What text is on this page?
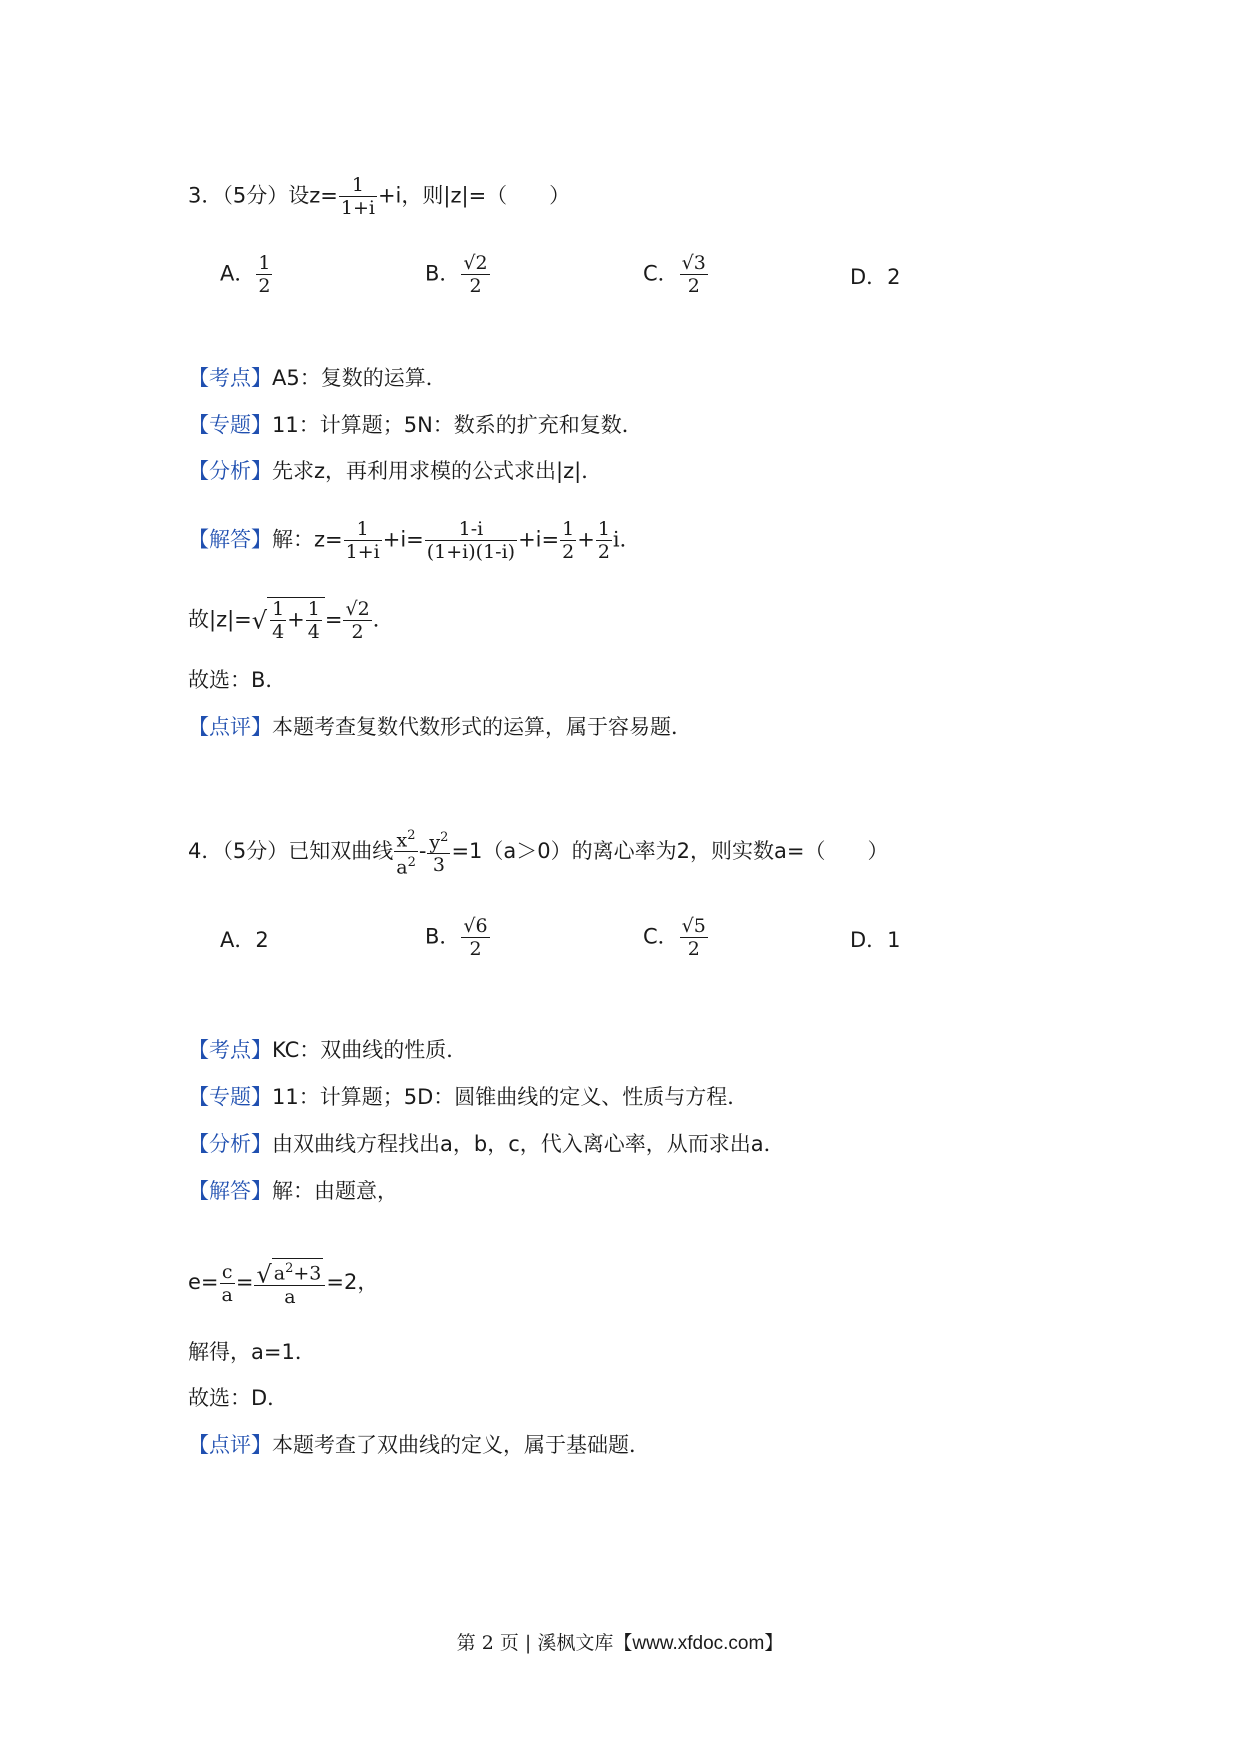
3．（5分）设$z= \frac{1}{1+i} +i$，则|z|=（　　）
A． $\frac{1}{2}$	B． $\frac{√2}{2}$	C． $\frac{√3}{2}$	D．2
【考点】A5：复数的运算．
【专题】11：计算题；5N：数系的扩充和复数．
【分析】先求z，再利用求模的公式求出|z|．
【解答】解：$z= \frac{1}{1+i} +i= \frac{1-i}{(1+i)(1-i)} +i= \frac{1}{2} + \frac{1}{2}$ i．
故$|z|=√ \frac{1}{4} + \frac{1}{4} = \frac{√2}{2}$ ．
故选：B．
【点评】本题考查复数代数形式的运算，属于容易题．
4．（5分）已知双曲线 $\frac{x^2}{a^2} - \frac{y^2}{3} =1(a>0)$的离心率为2，则实数a=（　　）
A．2	B． $\frac{√6}{2}$	C． $\frac{√5}{2}$	D．1
【考点】KC：双曲线的性质．
【专题】11：计算题；5D：圆锥曲线的定义、性质与方程．
【分析】由双曲线方程找出a，b，c，代入离心率，从而求出a．
【解答】解：由题意，
$e= \frac{c}{a} = \frac{√ a^2+3}{a} =2$，
解得，a=1．
故选：D．
【点评】本题考查了双曲线的定义，属于基础题．
第 2 页 | 溪枫文库【www.xfdoc.com】
